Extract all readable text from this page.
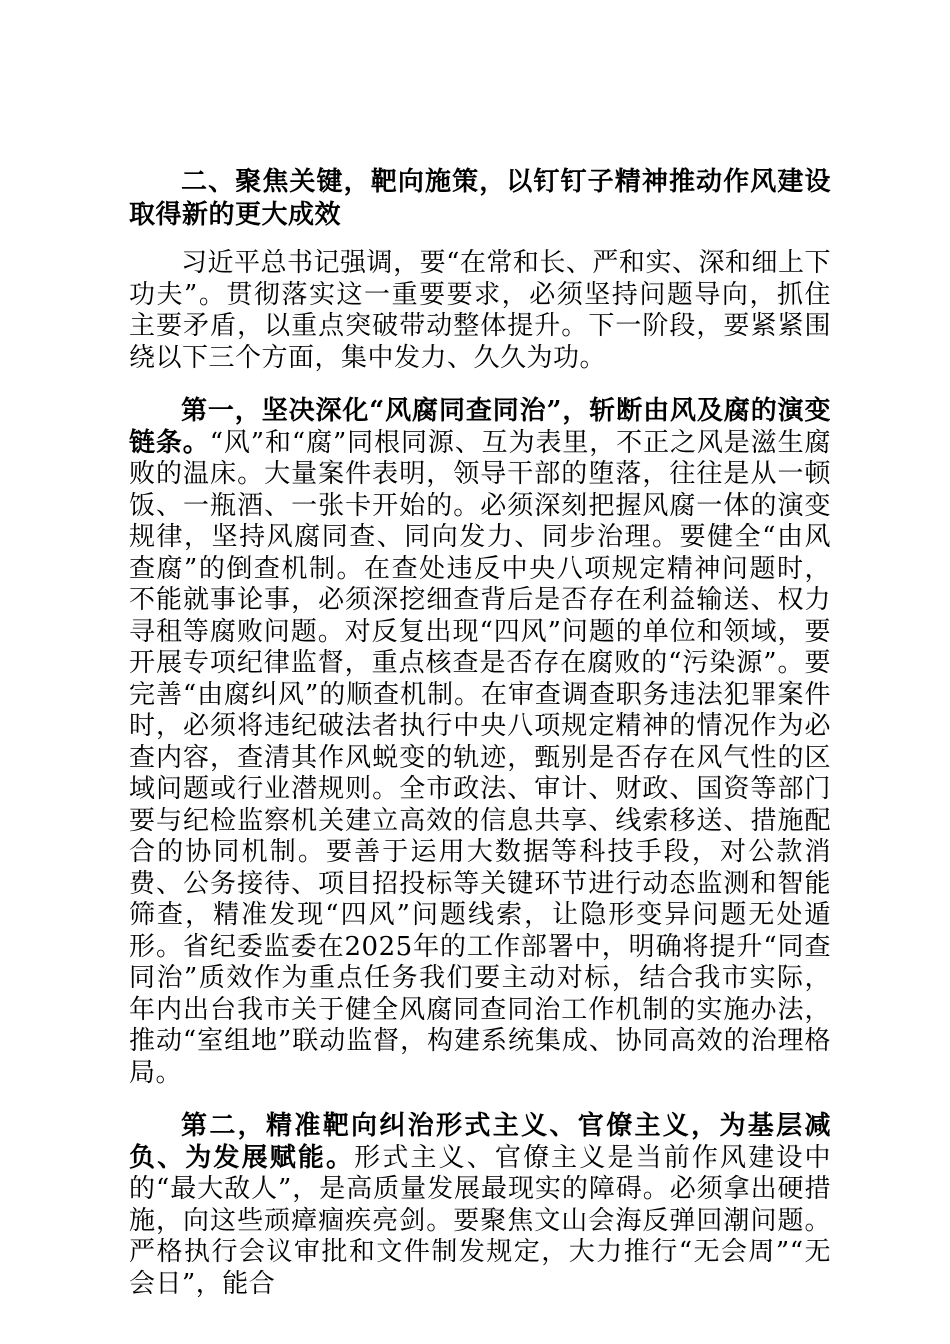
二、聚焦关键，靶向施策，以钉钉子精神推动作风建设取得新的更大成效

习近平总书记强调，要“在常和长、严和实、深和细上下功夫”。贯彻落实这一重要要求，必须坚持问题导向，抓住主要矛盾，以重点突破带动整体提升。下一阶段，要紧紧围绕以下三个方面，集中发力、久久为功。

第一，坚决深化“风腐同查同治”，斩断由风及腐的演变链条。“风”和“腐”同根同源、互为表里，不正之风是滋生腐败的温床。大量案件表明，领导干部的堕落，往往是从一顿饭、一瓶酒、一张卡开始的。必须深刻把握风腐一体的演变规律，坚持风腐同查、同向发力、同步治理。要健全“由风查腐”的倒查机制。在查处违反中央八项规定精神问题时，不能就事论事，必须深挖细查背后是否存在利益输送、权力寻租等腐败问题。对反复出现“四风”问题的单位和领域，要开展专项纪律监督，重点核查是否存在腐败的“污染源”。要完善“由腐纠风”的顺查机制。在审查调查职务违法犯罪案件时，必须将违纪破法者执行中央八项规定精神的情况作为必查内容，查清其作风蜕变的轨迹，甄别是否存在风气性的区域问题或行业潜规则。全市政法、审计、财政、国资等部门要与纪检监察机关建立高效的信息共享、线索移送、措施配合的协同机制。要善于运用大数据等科技手段，对公款消费、公务接待、项目招投标等关键环节进行动态监测和智能筛查，精准发现“四风”问题线索，让隐形变异问题无处遁形。省纪委监委在2025年的工作部署中，明确将提升“同查同治”质效作为重点任务我们要主动对标，结合我市实际，年内出台我市关于健全风腐同查同治工作机制的实施办法，推动“室组地”联动监督，构建系统集成、协同高效的治理格局。

第二，精准靶向纠治形式主义、官僚主义，为基层减负、为发展赋能。形式主义、官僚主义是当前作风建设中的“最大敌人”，是高质量发展最现实的障碍。必须拿出硬措施，向这些顽瘴痼疾亮剑。要聚焦文山会海反弹回潮问题。严格执行会议审批和文件制发规定，大力推行“无会周”“无会日”，能合
